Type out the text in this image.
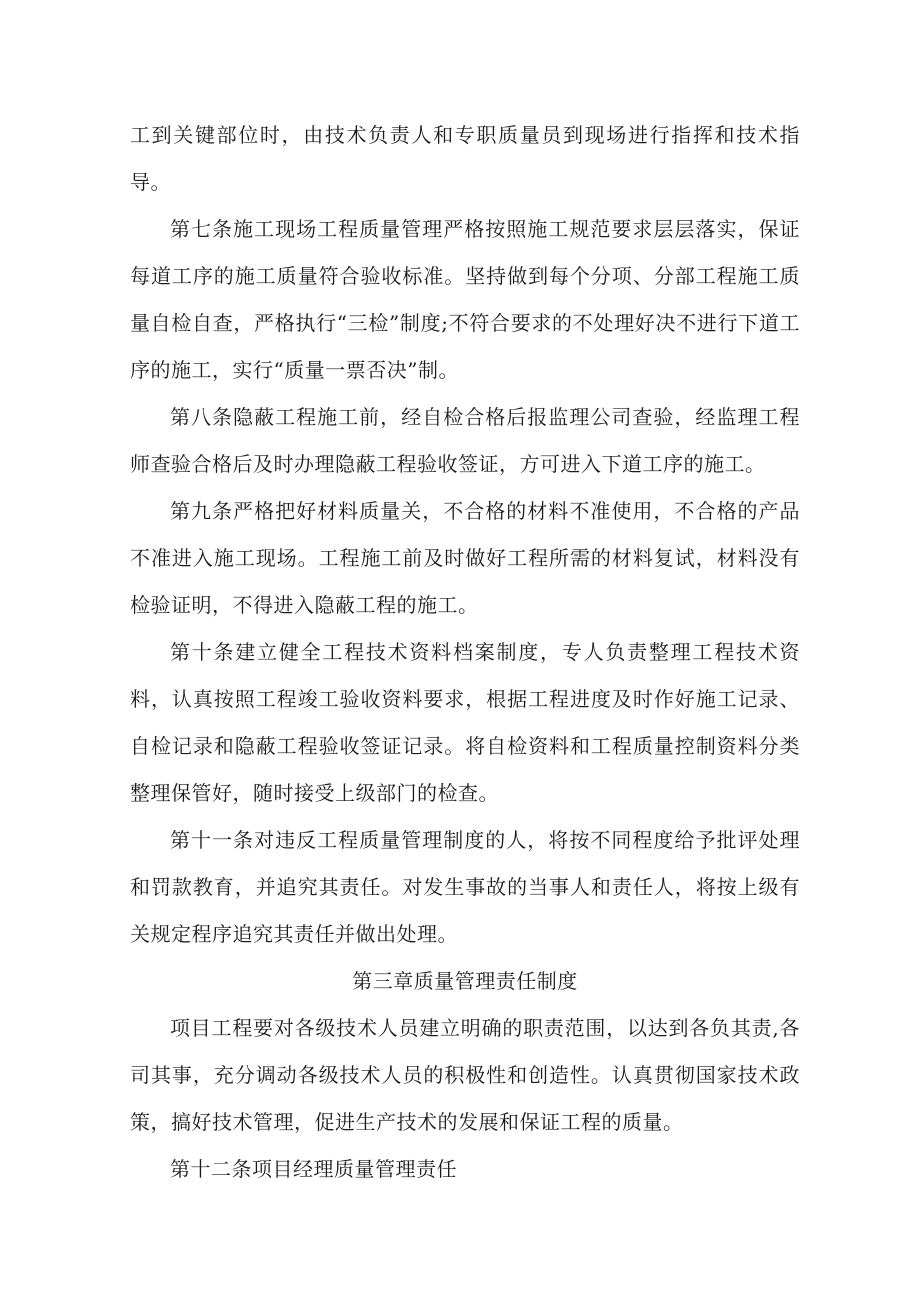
工到关键部位时，由技术负责人和专职质量员到现场进行指挥和技术指导。

第七条施工现场工程质量管理严格按照施工规范要求层层落实，保证每道工序的施工质量符合验收标准。坚持做到每个分项、分部工程施工质量自检自查，严格执行“三检”制度;不符合要求的不处理好决不进行下道工序的施工，实行“质量一票否决”制。

第八条隐蔽工程施工前，经自检合格后报监理公司查验，经监理工程师查验合格后及时办理隐蔽工程验收签证，方可进入下道工序的施工。

第九条严格把好材料质量关，不合格的材料不准使用，不合格的产品不准进入施工现场。工程施工前及时做好工程所需的材料复试，材料没有检验证明，不得进入隐蔽工程的施工。

第十条建立健全工程技术资料档案制度，专人负责整理工程技术资料，认真按照工程竣工验收资料要求，根据工程进度及时作好施工记录、自检记录和隐蔽工程验收签证记录。将自检资料和工程质量控制资料分类整理保管好，随时接受上级部门的检查。

第十一条对违反工程质量管理制度的人，将按不同程度给予批评处理和罚款教育，并追究其责任。对发生事故的当事人和责任人，将按上级有关规定程序追究其责任并做出处理。

第三章质量管理责任制度

项目工程要对各级技术人员建立明确的职责范围，以达到各负其责,各司其事，充分调动各级技术人员的积极性和创造性。认真贯彻国家技术政策，搞好技术管理，促进生产技术的发展和保证工程的质量。

第十二条项目经理质量管理责任
